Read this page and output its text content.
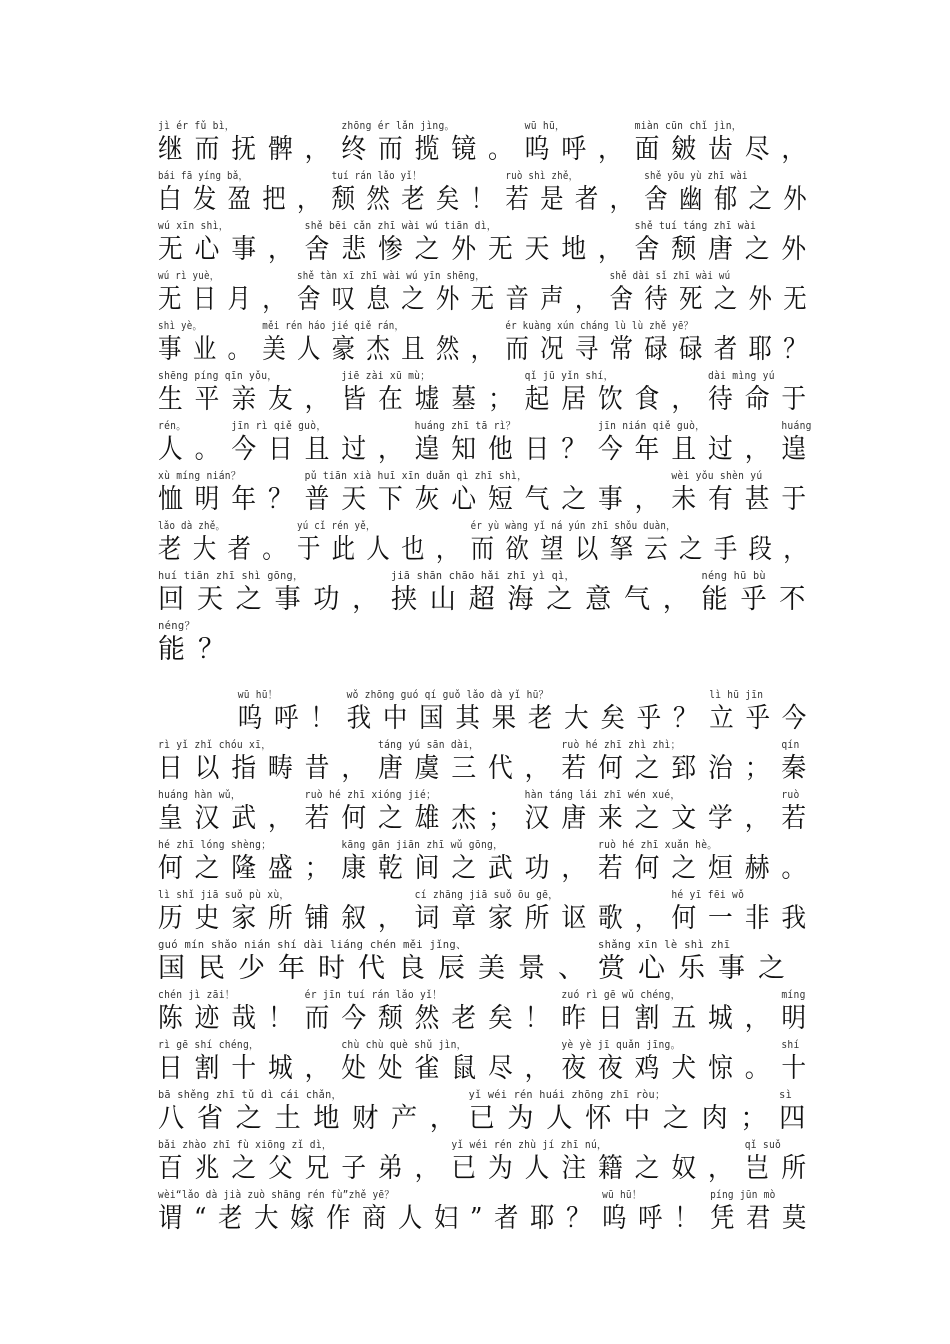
jì ér fǔ bì，
继而抚髀，
zhōng ér lǎn jìng。
终而揽镜。
wū hū，
呜呼，
miàn cūn chǐ jìn，
面皴齿尽，
bái fā yíng bǎ，
白发盈把，
tuí rán lǎo yǐ！
颓然老矣！
ruò shì zhě，
若是者，
shě yōu yù zhī wài
舍幽郁之外
wú xīn shì，
无心事，
shě bēi cǎn zhī wài wú tiān dì，
舍悲惨之外无天地，
shě tuí táng zhī wài
舍颓唐之外
wú rì yuè，
无日月，
shě tàn xī zhī wài wú yīn shēng，
舍叹息之外无音声，
shě dài sǐ zhī wài wú
舍待死之外无
shì yè。
事业。
měi rén háo jié qiě rán，
美人豪杰且然，
ér kuàng xún cháng lù lù zhě yē？
而况寻常碌碌者耶？
shēng píng qīn yǒu，
生平亲友，
jiē zài xū mù；
皆在墟墓；
qǐ jū yǐn shí，
起居饮食，
dài mìng yú
待命于
rén。
人。
jīn rì qiě guò，
今日且过，
huáng zhī tā rì？
遑知他日？
jīn nián qiě guò，
今年且过，
huáng
遑
xù míng nián？
恤明年？
pǔ tiān xià huī xīn duǎn qì zhī shì，
普天下灰心短气之事，
wèi yǒu shèn yú
未有甚于
lǎo dà zhě。
老大者。
yú cǐ rén yě，
于此人也，
ér yù wàng yǐ ná yún zhī shǒu duàn，
而欲望以拏云之手段，
huí tiān zhī shì gōng，
回天之事功，
jiā shān chāo hǎi zhī yì qì，
挟山超海之意气，
néng hū bù
能乎不
néng？
能？
wū hū！
呜呼！
wǒ zhōng guó qí guǒ lǎo dà yǐ hū？
我中国其果老大矣乎？
lì hū jīn
立乎今
rì yǐ zhǐ chóu xī，
日以指畴昔，
táng yú sān dài，
唐虞三代，
ruò hé zhī zhì zhì；
若何之郅治；
qín
秦
huáng hàn wǔ，
皇汉武，
ruò hé zhī xióng jié；
若何之雄杰；
hàn táng lái zhī wén xué，
汉唐来之文学，
ruò
若
hé zhī lóng shèng；
何之隆盛；
kāng gān jiān zhī wǔ gōng，
康乾间之武功，
ruò hé zhī xuǎn hè。
若何之烜赫。
lì shǐ jiā suǒ pù xù，
历史家所铺叙，
cí zhāng jiā suǒ ōu gē，
词章家所讴歌，
hé yī fēi wǒ
何一非我
guó mín shǎo nián shí dài liáng chén měi jǐng、
国民少年时代良辰美景、
shǎng xīn lè shì zhī
赏心乐事之
chén jì zāi！
陈迹哉！
ér jīn tuí rán lǎo yǐ！
而今颓然老矣！
zuó rì gē wǔ chéng，
昨日割五城，
míng
明
rì gē shí chéng，
日割十城，
chù chù què shǔ jìn，
处处雀鼠尽，
yè yè jī quǎn jīng。
夜夜鸡犬惊。
shí
十
bā shěng zhī tǔ dì cái chǎn，
八省之土地财产，
yǐ wéi rén huái zhōng zhī ròu；
已为人怀中之肉；
sì
四
bǎi zhào zhī fù xiōng zǐ dì，
百兆之父兄子弟，
yǐ wéi rén zhù jí zhī nú，
已为人注籍之奴，
qǐ suǒ
岂所
wèi“lǎo dà jià zuò shāng rén fù”zhě yē？
谓“老大嫁作商人妇”者耶？
wū hū！
呜呼！
píng jūn mò
凭君莫
